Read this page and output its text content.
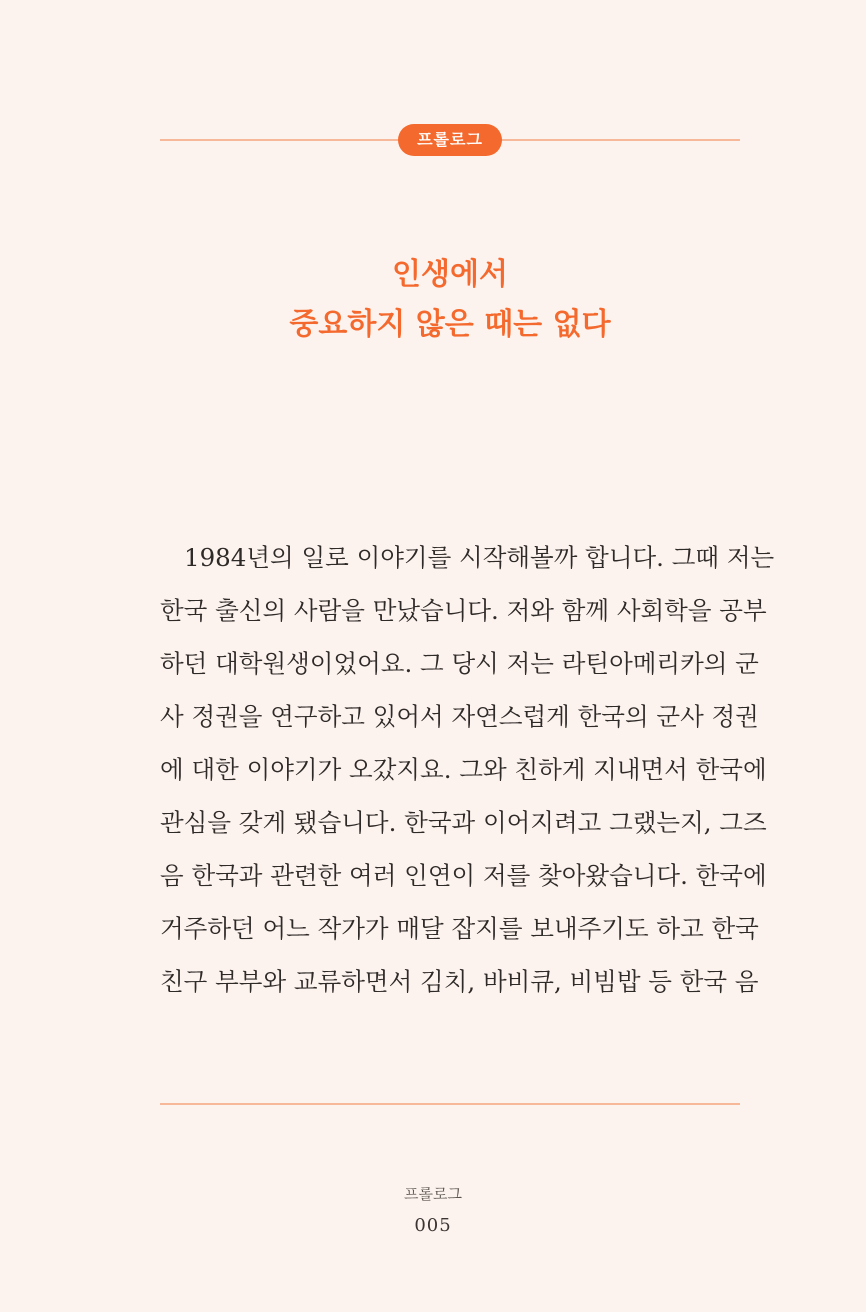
프롤로그
인생에서
중요하지 않은 때는 없다
1984년의 일로 이야기를 시작해볼까 합니다. 그때 저는
한국 출신의 사람을 만났습니다. 저와 함께 사회학을 공부
하던 대학원생이었어요. 그 당시 저는 라틴아메리카의 군
사 정권을 연구하고 있어서 자연스럽게 한국의 군사 정권
에 대한 이야기가 오갔지요. 그와 친하게 지내면서 한국에
관심을 갖게 됐습니다. 한국과 이어지려고 그랬는지, 그즈
음 한국과 관련한 여러 인연이 저를 찾아왔습니다. 한국에
거주하던 어느 작가가 매달 잡지를 보내주기도 하고 한국
친구 부부와 교류하면서 김치, 바비큐, 비빔밥 등 한국 음
프롤로그
005
